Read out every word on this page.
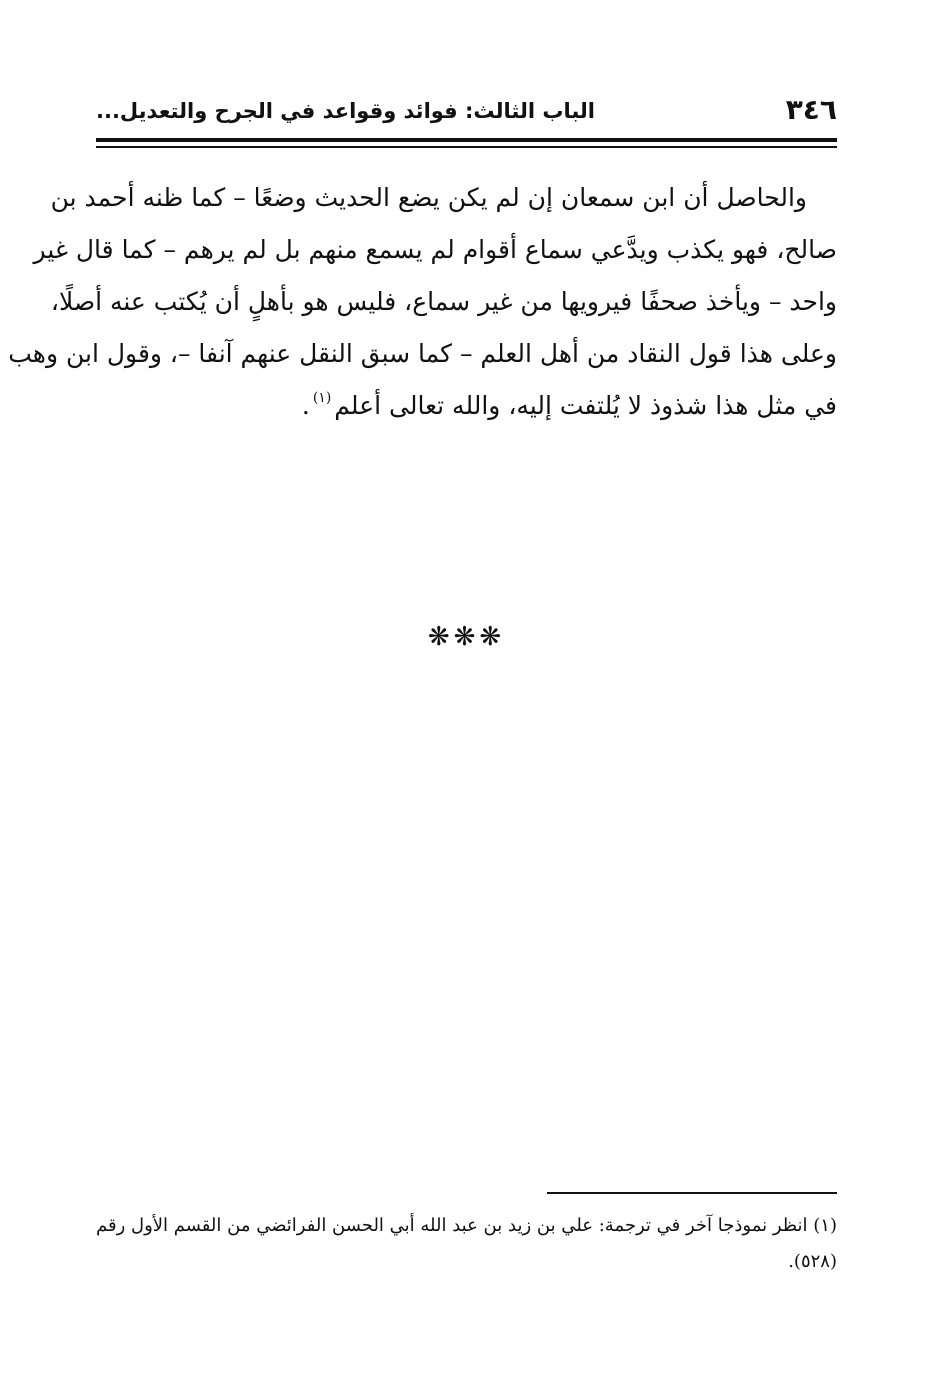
٣٤٦
الباب الثالث: فوائد وقواعد في الجرح والتعديل...
والحاصل أن ابن سمعان إن لم يكن يضع الحديث وضعًا – كما ظنه أحمد بن
صالح، فهو يكذب ويدَّعي سماع أقوام لم يسمع منهم بل لم يرهم – كما قال غير
واحد – ويأخذ صحفًا فيرويها من غير سماع، فليس هو بأهلٍ أن يُكتب عنه أصلًا،
وعلى هذا قول النقاد من أهل العلم – كما سبق النقل عنهم آنفا –، وقول ابن وهب
في مثل هذا شذوذ لا يُلتفت إليه، والله تعالى أعلم$^{(١)}$.
❋❋❋
(١) انظر نموذجا آخر في ترجمة: علي بن زيد بن عبد الله أبي الحسن الفرائضي من القسم الأول رقم
(٥٢٨).
